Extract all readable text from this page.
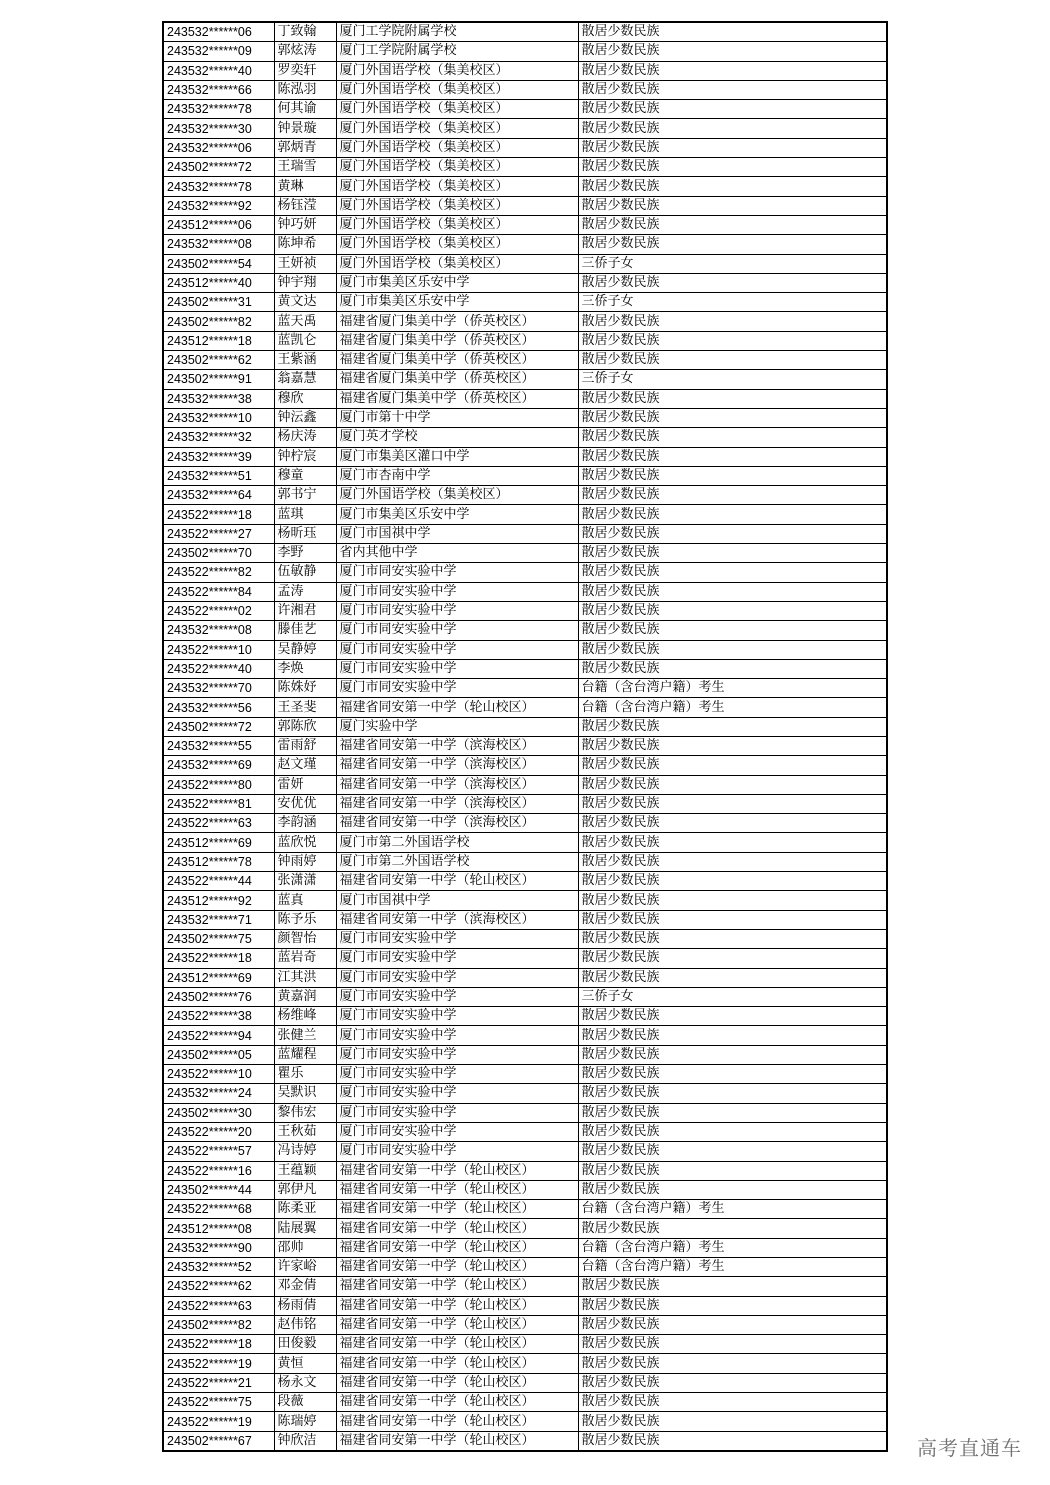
243532******06	丁致翰	厦门工学院附属学校	散居少数民族
243532******09	郭炫涛	厦门工学院附属学校	散居少数民族
243532******40	罗奕轩	厦门外国语学校（集美校区）	散居少数民族
243532******66	陈泓羽	厦门外国语学校（集美校区）	散居少数民族
243532******78	何其谕	厦门外国语学校（集美校区）	散居少数民族
243532******30	钟景璇	厦门外国语学校（集美校区）	散居少数民族
243532******06	郭炳青	厦门外国语学校（集美校区）	散居少数民族
243502******72	王瑞雪	厦门外国语学校（集美校区）	散居少数民族
243532******78	黄琳	厦门外国语学校（集美校区）	散居少数民族
243532******92	杨钰滢	厦门外国语学校（集美校区）	散居少数民族
243512******06	钟巧妍	厦门外国语学校（集美校区）	散居少数民族
243532******08	陈坤希	厦门外国语学校（集美校区）	散居少数民族
243502******54	王妍祯	厦门外国语学校（集美校区）	三侨子女
243512******40	钟宇翔	厦门市集美区乐安中学	散居少数民族
243502******31	黄文达	厦门市集美区乐安中学	三侨子女
243502******82	蓝天禹	福建省厦门集美中学（侨英校区）	散居少数民族
243512******18	蓝凯仑	福建省厦门集美中学（侨英校区）	散居少数民族
243502******62	王紫涵	福建省厦门集美中学（侨英校区）	散居少数民族
243502******91	翁嘉慧	福建省厦门集美中学（侨英校区）	三侨子女
243532******38	穆欣	福建省厦门集美中学（侨英校区）	散居少数民族
243532******10	钟沄鑫	厦门市第十中学	散居少数民族
243532******32	杨庆涛	厦门英才学校	散居少数民族
243532******39	钟柠宸	厦门市集美区灌口中学	散居少数民族
243532******51	穆童	厦门市杏南中学	散居少数民族
243532******64	郭书宁	厦门外国语学校（集美校区）	散居少数民族
243522******18	蓝琪	厦门市集美区乐安中学	散居少数民族
243522******27	杨昕珏	厦门市国祺中学	散居少数民族
243502******70	李野	省内其他中学	散居少数民族
243522******82	伍敏静	厦门市同安实验中学	散居少数民族
243522******84	孟涛	厦门市同安实验中学	散居少数民族
243522******02	许湘君	厦门市同安实验中学	散居少数民族
243532******08	滕佳艺	厦门市同安实验中学	散居少数民族
243522******10	吴静婷	厦门市同安实验中学	散居少数民族
243522******40	李焕	厦门市同安实验中学	散居少数民族
243532******70	陈姝妤	厦门市同安实验中学	台籍（含台湾户籍）考生
243532******56	王圣斐	福建省同安第一中学（轮山校区）	台籍（含台湾户籍）考生
243502******72	郭陈欣	厦门实验中学	散居少数民族
243532******55	雷雨舒	福建省同安第一中学（滨海校区）	散居少数民族
243532******69	赵文瑾	福建省同安第一中学（滨海校区）	散居少数民族
243522******80	雷妍	福建省同安第一中学（滨海校区）	散居少数民族
243522******81	安优优	福建省同安第一中学（滨海校区）	散居少数民族
243522******63	李韵涵	福建省同安第一中学（滨海校区）	散居少数民族
243512******69	蓝欣悦	厦门市第二外国语学校	散居少数民族
243512******78	钟雨婷	厦门市第二外国语学校	散居少数民族
243522******44	张潇潇	福建省同安第一中学（轮山校区）	散居少数民族
243512******92	蓝真	厦门市国祺中学	散居少数民族
243532******71	陈予乐	福建省同安第一中学（滨海校区）	散居少数民族
243502******75	颜智怡	厦门市同安实验中学	散居少数民族
243522******18	蓝岩奇	厦门市同安实验中学	散居少数民族
243512******69	江其洪	厦门市同安实验中学	散居少数民族
243502******76	黄嘉润	厦门市同安实验中学	三侨子女
243522******38	杨维峰	厦门市同安实验中学	散居少数民族
243522******94	张健兰	厦门市同安实验中学	散居少数民族
243502******05	蓝耀程	厦门市同安实验中学	散居少数民族
243522******10	瞿乐	厦门市同安实验中学	散居少数民族
243532******24	吴默识	厦门市同安实验中学	散居少数民族
243502******30	黎伟宏	厦门市同安实验中学	散居少数民族
243522******20	王秋茹	厦门市同安实验中学	散居少数民族
243522******57	冯诗婷	厦门市同安实验中学	散居少数民族
243522******16	王蕴颖	福建省同安第一中学（轮山校区）	散居少数民族
243502******44	郭伊凡	福建省同安第一中学（轮山校区）	散居少数民族
243522******68	陈柔亚	福建省同安第一中学（轮山校区）	台籍（含台湾户籍）考生
243512******08	陆展翼	福建省同安第一中学（轮山校区）	散居少数民族
243532******90	邵帅	福建省同安第一中学（轮山校区）	台籍（含台湾户籍）考生
243532******52	许家峪	福建省同安第一中学（轮山校区）	台籍（含台湾户籍）考生
243522******62	邓金倩	福建省同安第一中学（轮山校区）	散居少数民族
243522******63	杨雨倩	福建省同安第一中学（轮山校区）	散居少数民族
243502******82	赵伟铭	福建省同安第一中学（轮山校区）	散居少数民族
243522******18	田俊毅	福建省同安第一中学（轮山校区）	散居少数民族
243522******19	黄恒	福建省同安第一中学（轮山校区）	散居少数民族
243522******21	杨永文	福建省同安第一中学（轮山校区）	散居少数民族
243522******75	段薇	福建省同安第一中学（轮山校区）	散居少数民族
243522******19	陈瑞婷	福建省同安第一中学（轮山校区）	散居少数民族
243502******67	钟欣洁	福建省同安第一中学（轮山校区）	散居少数民族	高考直通车
